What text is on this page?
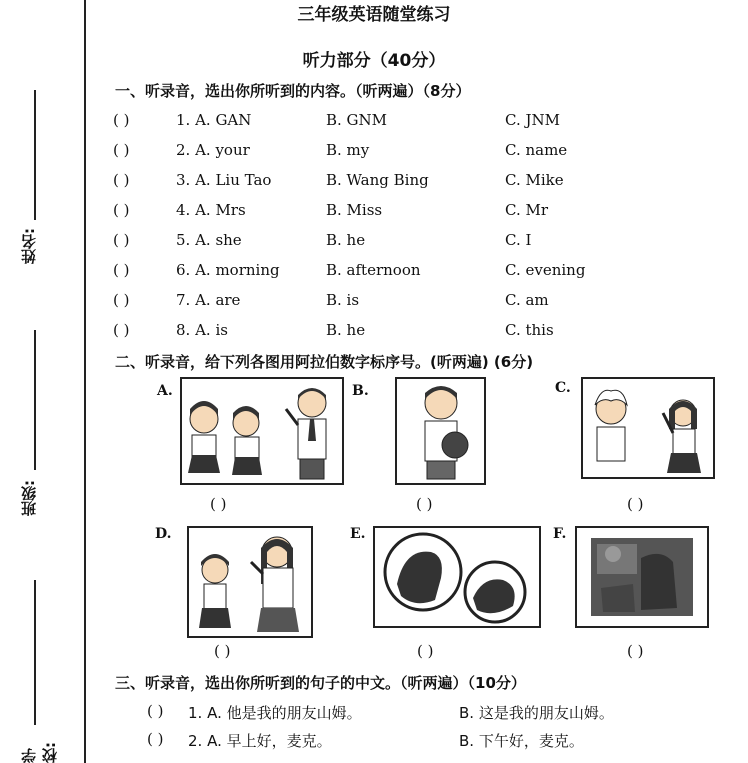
姓名:
班级:
学校:
三年级英语随堂练习
听力部分（40分）
一、听录音，选出你所听到的内容。（听两遍）（8分）
( )	1. A. GAN	B. GNM	C. JNM
( )	2. A. your	B. my	C. name
( )	3. A. Liu Tao	B. Wang Bing	C. Mike
( )	4. A. Mrs	B. Miss	C. Mr
( )	5. A. she	B. he	C. I
( )	6. A. morning	B. afternoon	C. evening
( )	7. A. are	B. is	C. am
( )	8. A. is	B. he	C. this
二、听录音，给下列各图用阿拉伯数字标序号。(听两遍) (6分)
A.
( )
B.
( )
C.
( )
D.
( )
E.
( )
F.
( )
三、听录音，选出你所听到的句子的中文。（听两遍）（10分）
( ) 1. A. 他是我的朋友山姆。	B. 这是我的朋友山姆。
( ) 2. A. 早上好，麦克。	B. 下午好，麦克。
